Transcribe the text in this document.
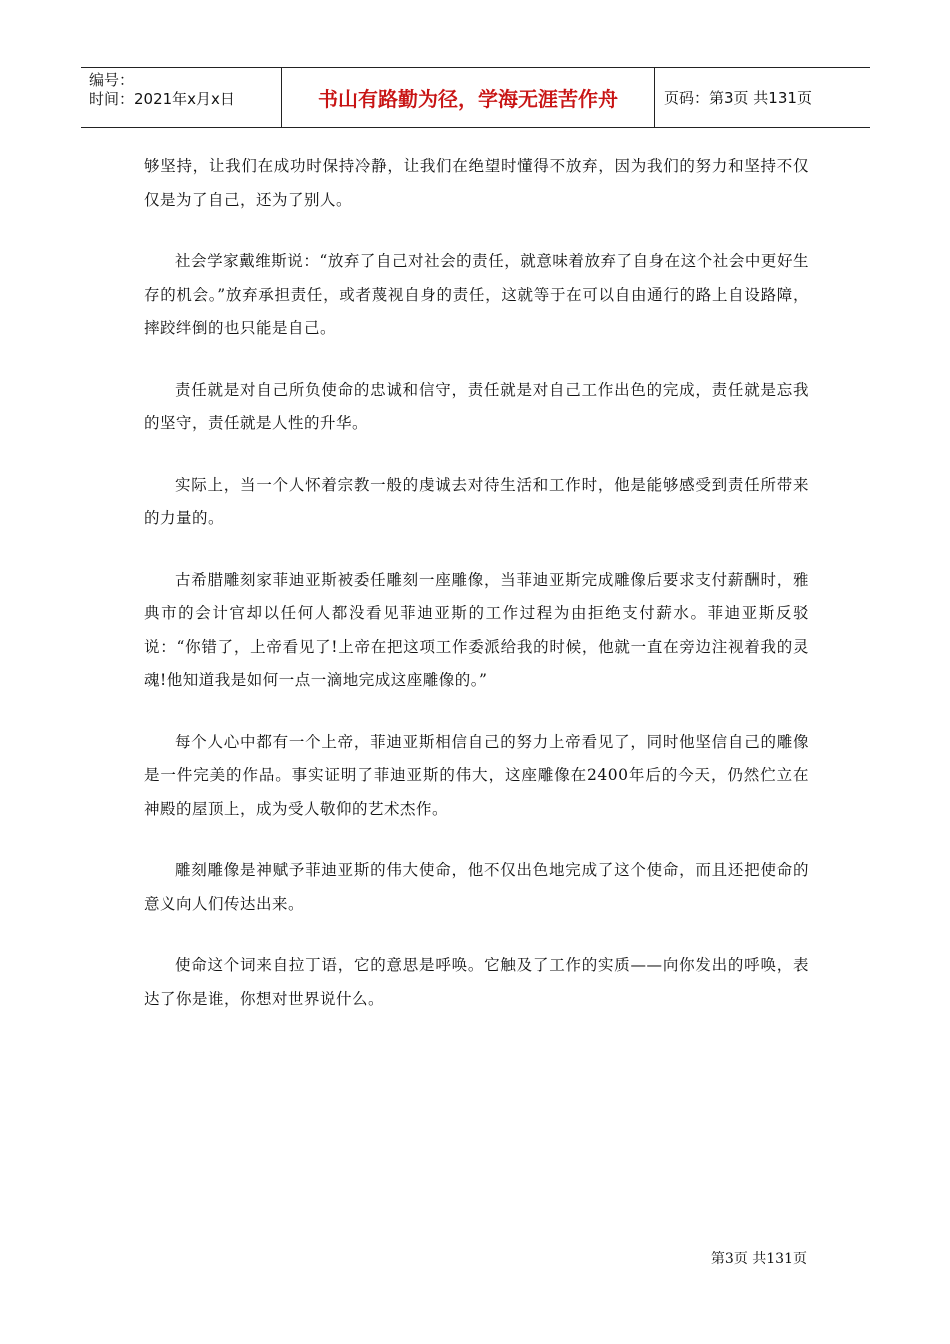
编号：
时间：2021年x月x日	书山有路勤为径，学海无涯苦作舟	页码：第3页 共131页

够坚持，让我们在成功时保持冷静，让我们在绝望时懂得不放弃，因为我们的努力和坚持不仅仅是为了自己，还为了别人。

社会学家戴维斯说：“放弃了自己对社会的责任，就意味着放弃了自身在这个社会中更好生存的机会。”放弃承担责任，或者蔑视自身的责任，这就等于在可以自由通行的路上自设路障，摔跤绊倒的也只能是自己。

责任就是对自己所负使命的忠诚和信守，责任就是对自己工作出色的完成，责任就是忘我的坚守，责任就是人性的升华。

实际上，当一个人怀着宗教一般的虔诚去对待生活和工作时，他是能够感受到责任所带来的力量的。

古希腊雕刻家菲迪亚斯被委任雕刻一座雕像，当菲迪亚斯完成雕像后要求支付薪酬时，雅典市的会计官却以任何人都没看见菲迪亚斯的工作过程为由拒绝支付薪水。菲迪亚斯反驳说：“你错了，上帝看见了!上帝在把这项工作委派给我的时候，他就一直在旁边注视着我的灵魂!他知道我是如何一点一滴地完成这座雕像的。”

每个人心中都有一个上帝，菲迪亚斯相信自己的努力上帝看见了，同时他坚信自己的雕像是一件完美的作品。事实证明了菲迪亚斯的伟大，这座雕像在2400年后的今天，仍然伫立在神殿的屋顶上，成为受人敬仰的艺术杰作。

雕刻雕像是神赋予菲迪亚斯的伟大使命，他不仅出色地完成了这个使命，而且还把使命的意义向人们传达出来。

使命这个词来自拉丁语，它的意思是呼唤。它触及了工作的实质——向你发出的呼唤，表达了你是谁，你想对世界说什么。

第3页 共131页
